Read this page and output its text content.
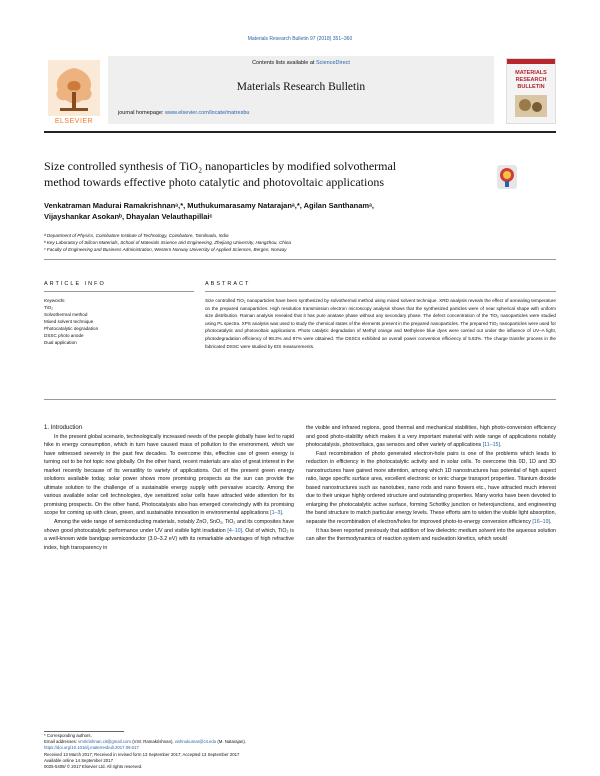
Materials Research Bulletin 97 (2018) 351–360
ELSEVIER
Contents lists available at ScienceDirect
Materials Research Bulletin
journal homepage: www.elsevier.com/locate/matresbu
MATERIALS
RESEARCH
BULLETIN
Size controlled synthesis of TiO₂ nanoparticles by modified solvothermal
method towards effective photo catalytic and photovoltaic applications
Venkatraman Madurai Ramakrishnanᵃ,*, Muthukumarasamy Natarajanᵃ,*, Agilan Santhanamᵃ,
Vijayshankar Asokanᵇ, Dhayalan Velauthapillaiᶜ
ᵃ Department of Physics, Coimbatore Institute of Technology, Coimbatore, Tamilnadu, India
ᵇ Key Laboratory of Silicon Materials, School of Materials Science and Engineering, Zhejiang University, Hangzhou, China
ᶜ Faculty of Engineering and Business Administration, Western Norway University of Applied Sciences, Bergen, Norway
ARTICLE INFO	ABSTRACT
Keywords:
TiO₂
Solvothermal method
Mixed solvent technique
Photocatalytic degradation
DSSC photo anode
Dual application
Size controlled TiO₂ nanoparticles have been synthesized by solvothermal method using mixed solvent technique. XRD analysis reveals the effect of annealing temperature on the prepared nanoparticles. High resolution transmission electron microscopy analysis shows that the synthesized particles were of near spherical shape with uniform size distribution. Raman analysis revealed that it has pure anatase phase without any secondary phase. The defect concentration of the TiO₂ nanoparticles were studied using PL spectra. XPS analysis was used to study the chemical states of the elements present in the prepared nanoparticles. The prepared TiO₂ nanoparticles were used for photocatalytic and photovoltaic applications. Photo catalytic degradation of Methyl orange and Methylene blue dyes were carried out under the influence of UV–A light, photodegradation efficiency of 98.3% and 97% were obtained. The DSSCs exhibited an overall power conversion efficiency of 5.83%. The charge transfer process in the fabricated DSSC were studied by EIS measurements.

1. Introduction

In the present global scenario, technologically increased needs of the people globally have led to rapid hike in energy consumption, which in turn have caused mass of pollution to the environment, which we have witnessed severely in the past few decades. To overcome this, effective use of green energy is turning out to be hot topic now globally. On the other hand, recent materials are also of great interest in the market recently because of its versatility to variety of applications. Out of the present green energy solutions available today, solar power shows more promising prospects as the sun can provide the ultimate solution to the challenge of a sustainable energy supply with pervasive scarcity. Among the various available solar cell technologies, dye sensitized solar cells have attracted wide attention for its promising prospects. On the other hand, Photocatalysis also has emerged convincingly with its promising scope for coming up with clean, green, and sustainable innovation in environmental applications [1–3].

Among the wide range of semiconducting materials, notably ZnO, SnO₂, TiO₂ and its composites have shown good photocatalytic performance under UV and visible light irradiation [4–10]. Out of which, TiO₂ is a well-known wide bandgap semiconductor (3.0–3.2 eV) with its remarkable advantages of high refractive index, high transparency in

the visible and infrared regions, good thermal and mechanical stabilities, high photo-conversion efficiency and good photo-stability which makes it a very important material with wide range of applications notably photocatalysis, photovoltaics, gas sensors and other variety of applications [11–15].

Fast recombination of photo generated electron-hole pairs is one of the problems which leads to reduction in efficiency in the photocatalytic activity and in solar cells. To overcome this 0D, 1D and 3D nanostructures have gained more attention, among which 1D nanostructures has potential of high aspect ratio, large specific surface area, excellent electronic or ionic charge transport properties. Titanium dioxide based nanostructures such as nanotubes, nano rods and nano flowers etc., have attracted much interest due to their unique highly ordered structure and outstanding properties. Many works have been devoted to enlarging the photocatalytic active surface, forming Schottky junction or heterojunctions, and engineering the band structure to match particular energy levels. These efforts aim to widen the visible light absorption, separate the recombination of electron/holes for improved photo-to-energy conversion efficiency [16–19].

It has been reported previously that addition of low dielectric medium solvent into the aqueous solution can alter the thermodynamics of reaction system and nucleation kinetics, which would

* Corresponding authors.
Email addresses: vmrkrishnan.cit@gmail.com (V.M. Ramakrishnan), vishnukumar@cit.edu (M. Natarajan).
https://doi.org/10.1016/j.materresbull.2017.09.017
Received 13 March 2017; Received in revised form 13 September 2017; Accepted 13 September 2017
Available online 14 September 2017
0025-5408/ © 2017 Elsevier Ltd. All rights reserved.
